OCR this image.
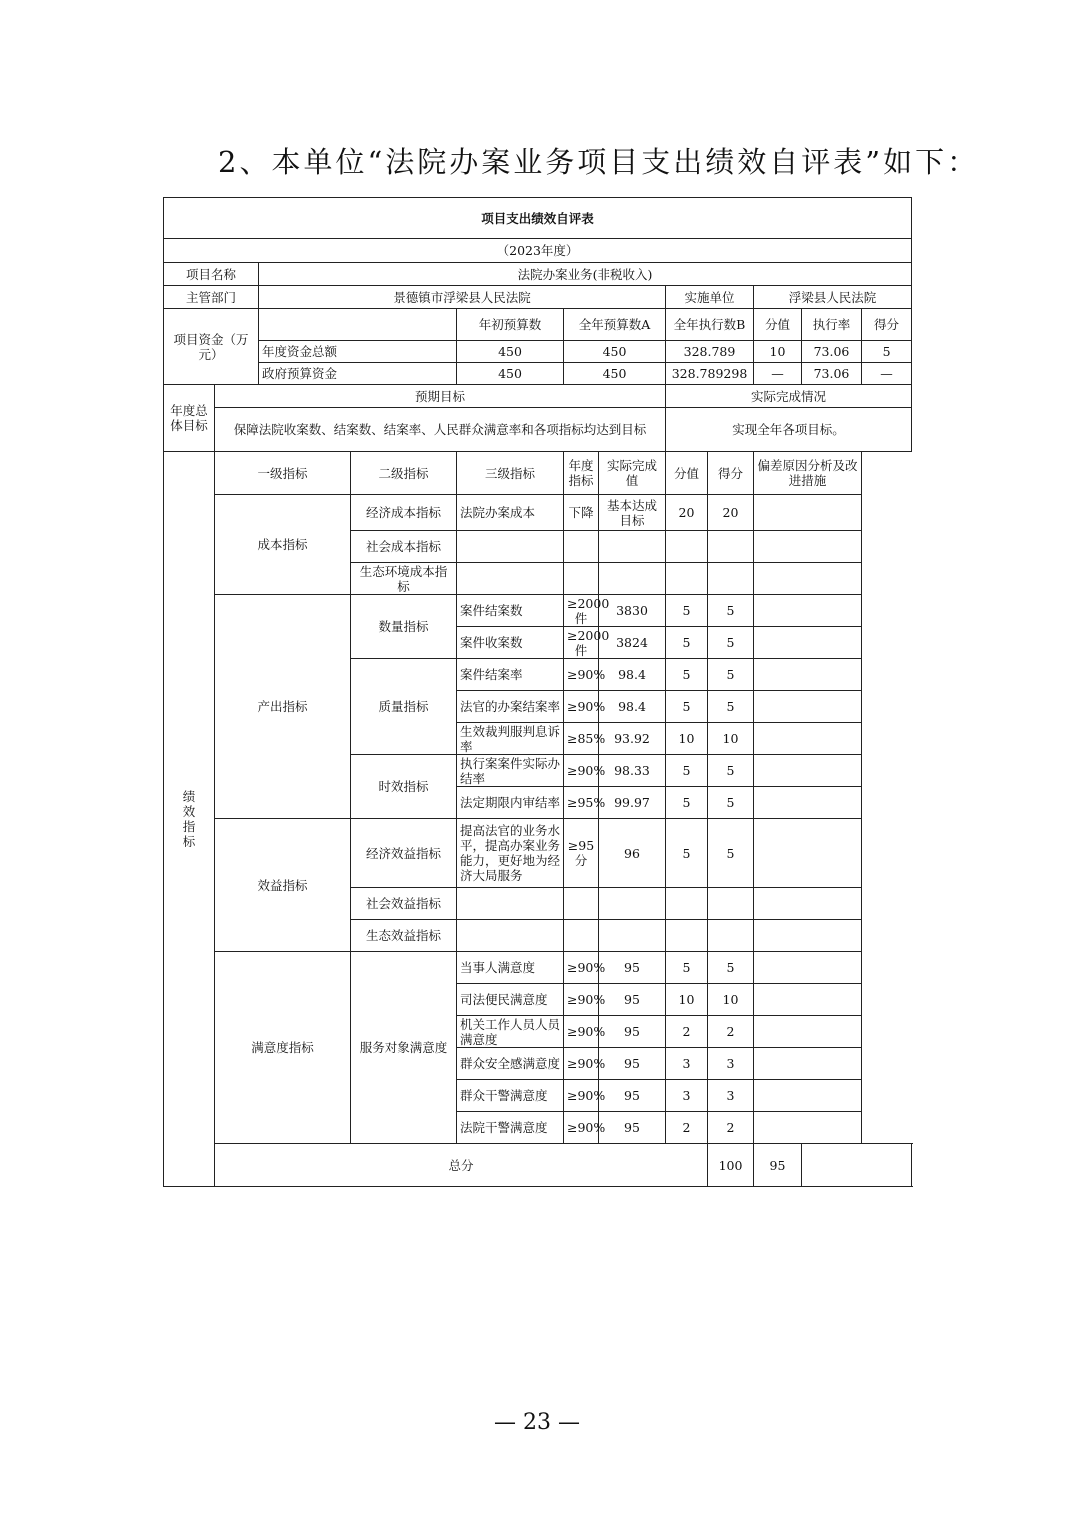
2、本单位“法院办案业务项目支出绩效自评表”如下：
项目支出绩效自评表											
（2023年度）											
项目名称		法院办案业务(非税收入)									
主管部门		景德镇市浮梁县人民法院					实施单位		浮梁县人民法院		
项目资金（万元）				年初预算数	全年预算数A		全年执行数B		分值	执行率	得分
		年度资金总额		450	450		328.789		10	73.06	5
		政府预算资金		450	450		328.789298		—	73.06	—
年度总体目标	预期目标						实际完成情况				
	保障法院收案数、结案数、结案率、人民群众满意率和各项指标均达到目标						实现全年各项目标。				
绩效指标	一级指标		二级指标	三级指标	年度指标	实际完成值	分值	得分	偏差原因分析及改进措施		
	成本指标		经济成本指标	法院办案成本	下降	基本达成目标	20	20			
			社会成本指标								
			生态环境成本指标								
	产出指标		数量指标	案件结案数	≥2000件	3830	5	5			
				案件收案数	≥2000件	3824	5	5			
			质量指标	案件结案率	≥90%	98.4	5	5			
				法官的办案结案率	≥90%	98.4	5	5			
				生效裁判服判息诉率	≥85%	93.92	10	10			
			时效指标	执行案案件实际办结率	≥90%	98.33	5	5			
				法定期限内审结率	≥95%	99.97	5	5			
	效益指标		经济效益指标	提高法官的业务水平，提高办案业务能力，更好地为经济大局服务	≥95分	96	5	5			
			社会效益指标								
			生态效益指标								
	满意度指标		服务对象满意度	当事人满意度	≥90%	95	5	5			
				司法便民满意度	≥90%	95	10	10			
				机关工作人员人员满意度	≥90%	95	2	2			
				群众安全感满意度	≥90%	95	3	3			
				群众干警满意度	≥90%	95	3	3			
				法院干警满意度	≥90%	95	2	2			
	总分							100	95		
— 23 —
